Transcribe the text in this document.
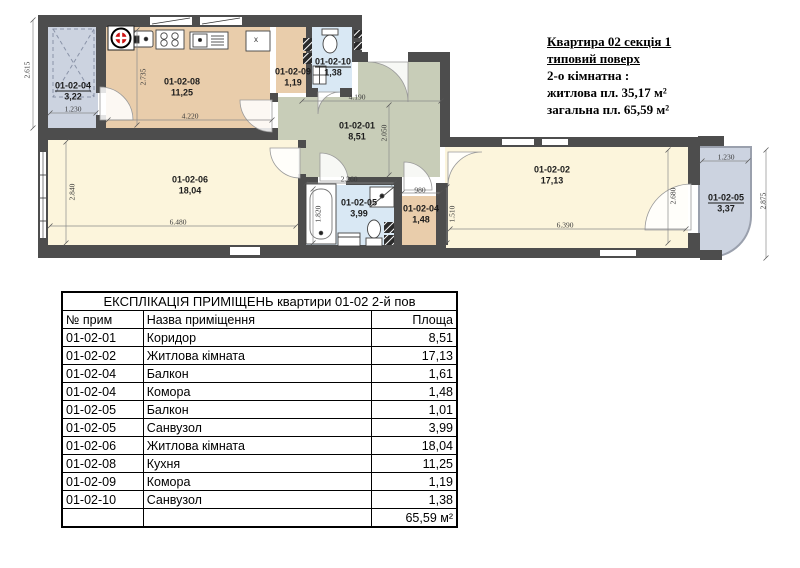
x
01-02-04
3,22
01-02-08
11,25
01-02-09
1,19
01-02-10
1,38
01-02-01
8,51
01-02-06
18,04
01-02-05
3,99	01-02-04
1,48
01-02-02
17,13
01-02-05
3,37
2.615
1.230
2.735
4.220
4.190
2.050
2.840
6.480
2.260
1.820
980
1.510
2.680
6.390
1.230
2.875
Квартира 02 секція 1
типовий поверх
2-о кімнатна :
житлова пл. 35,17 м²
загальна пл. 65,59 м²
ЕКСПЛІКАЦІЯ ПРИМІЩЕНЬ квартири 01-02 2-й пов		
№ прим	Назва приміщення	Площа
01-02-01	Коридор	8,51
01-02-02	Житлова кімната	17,13
01-02-04	Балкон	1,61
01-02-04	Комора	1,48
01-02-05	Балкон	1,01
01-02-05	Санвузол	3,99
01-02-06	Житлова кімната	18,04
01-02-08	Кухня	11,25
01-02-09	Комора	1,19
01-02-10	Санвузол	1,38
		65,59 м²
